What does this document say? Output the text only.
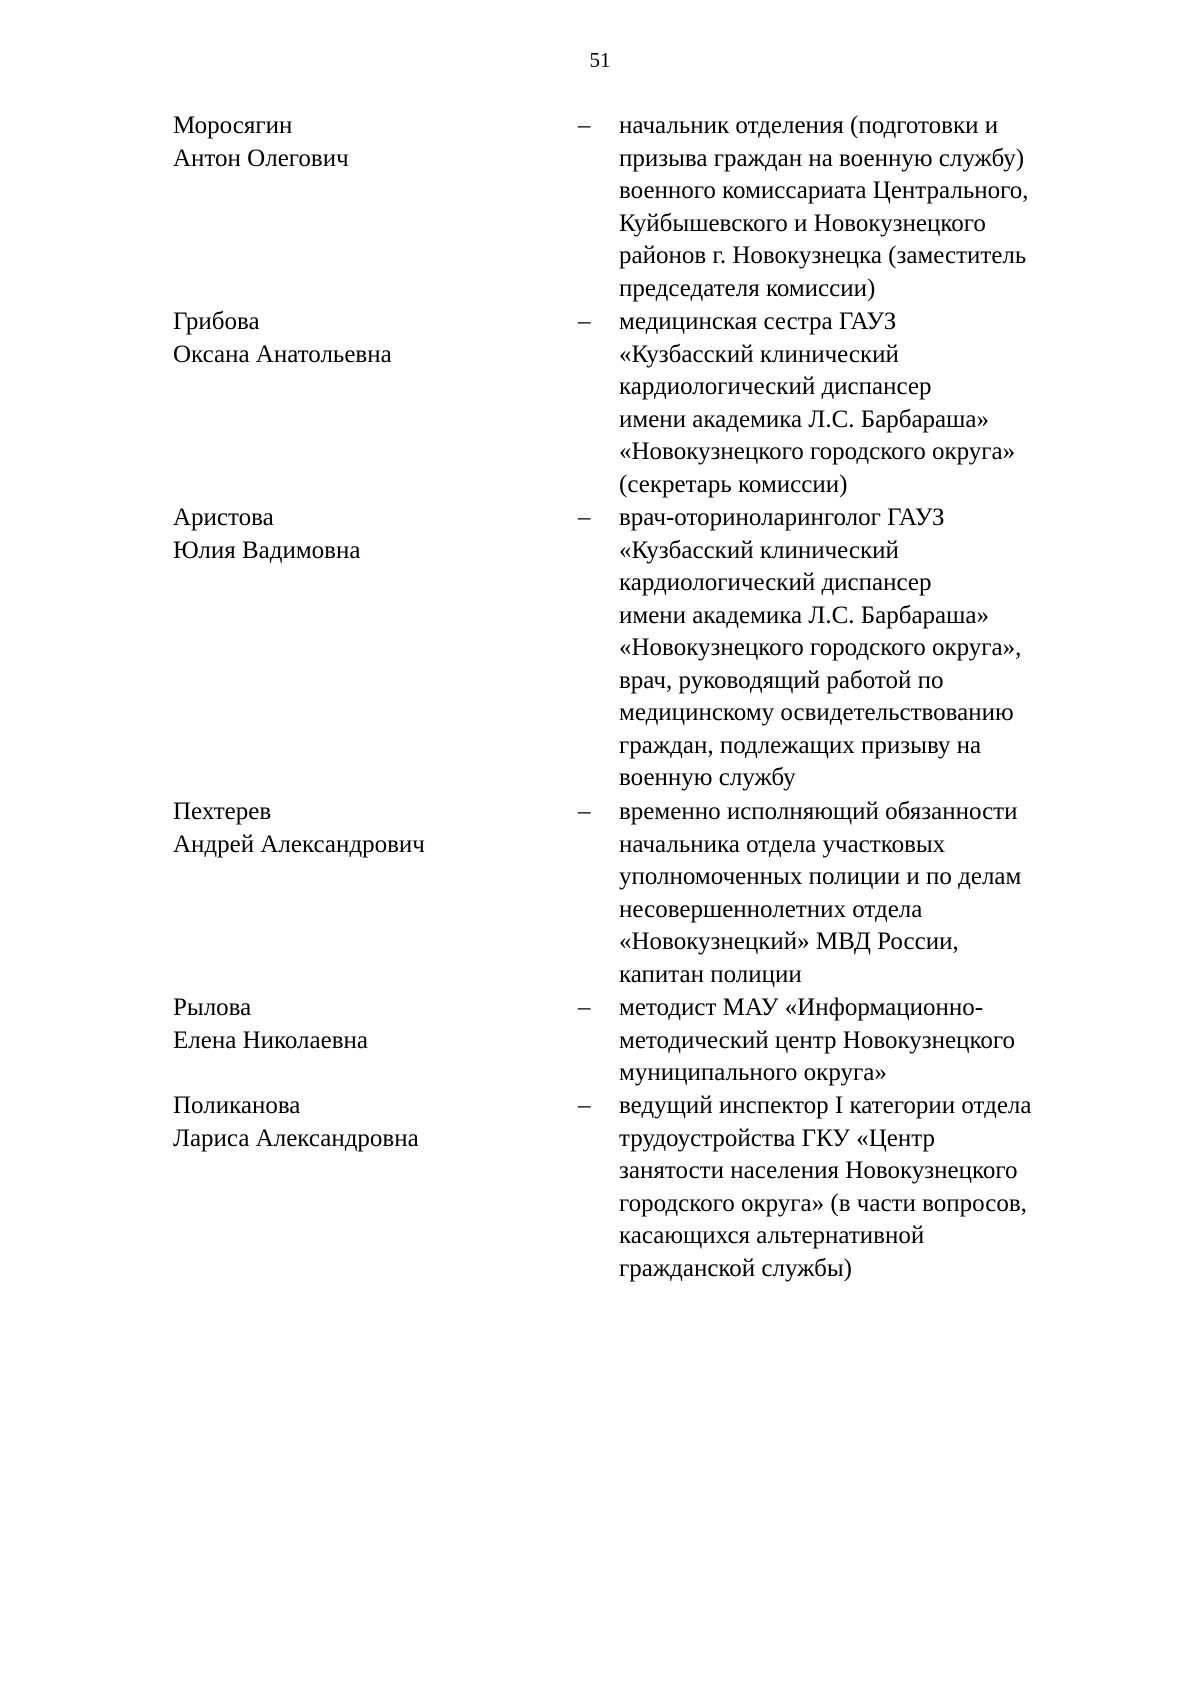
51
Моросягин
Антон Олегович
– начальник отделения (подготовки и
призыва граждан на военную службу)
военного комиссариата Центрального,
Куйбышевского и Новокузнецкого
районов г. Новокузнецка (заместитель
председателя комиссии)
Грибова
Оксана Анатольевна
– медицинская сестра ГАУЗ
«Кузбасский клинический
кардиологический диспансер
имени академика Л.С. Барбараша»
«Новокузнецкого городского округа»
(секретарь комиссии)
Аристова
Юлия Вадимовна
– врач-оториноларинголог ГАУЗ
«Кузбасский клинический
кардиологический диспансер
имени академика Л.С. Барбараша»
«Новокузнецкого городского округа»,
врач, руководящий работой по
медицинскому освидетельствованию
граждан, подлежащих призыву на
военную службу
Пехтерев
Андрей Александрович
– временно исполняющий обязанности
начальника отдела участковых
уполномоченных полиции и по делам
несовершеннолетних отдела
«Новокузнецкий» МВД России,
капитан полиции
Рылова
Елена Николаевна
– методист МАУ «Информационно-
методический центр Новокузнецкого
муниципального округа»
Поликанова
Лариса Александровна
– ведущий инспектор I категории отдела
трудоустройства ГКУ «Центр
занятости населения Новокузнецкого
городского округа» (в части вопросов,
касающихся альтернативной
гражданской службы)
